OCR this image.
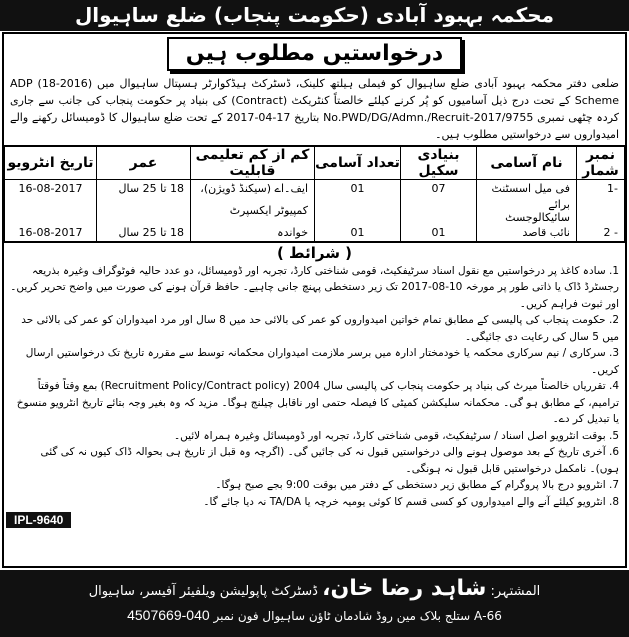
محکمہ بہبود آبادی (حکومت پنجاب) ضلع ساہیوال
درخواستیں مطلوب ہیں
ضلعی دفتر محکمہ بہبود آبادی ضلع ساہیوال کو فیملی ہیلتھ کلینک، ڈسٹرکٹ ہیڈکوارٹر ہسپتال ساہیوال میں (2016-18) ADP Scheme کے تحت درج ذیل آسامیوں کو پُر کرنے کیلئے خالصتاً کنٹریکٹ (Contract) کی بنیاد پر حکومت پنجاب کی جانب سے جاری کردہ چٹھی نمبری No.PWD/DG/Admn./Recruit-2017/9755 بتاریخ 17-04-2017 کے تحت ضلع ساہیوال کا ڈومیسائل رکھنے والے امیدواروں سے درخواستیں مطلوب ہیں۔
نمبر شمار	نام آسامی	بنیادی سکیل	تعداد آسامی	کم از کم تعلیمی قابلیت	عمر	تاریخ انٹرویو
-1	فی میل اسسٹنٹ	07	01	ایف۔اے (سیکنڈ ڈویژن)،	18 تا 25 سال	16-08-2017
	برائے سائیکالوجسٹ			کمپیوٹر ایکسپرٹ		
- 2	نائب قاصد	01	01	خواندہ	18 تا 25 سال	16-08-2017
( شرائط )

1. سادہ کاغذ پر درخواستیں مع نقول اسناد سرٹیفکیٹ، قومی شناختی کارڈ، تجربہ اور ڈومیسائل، دو عدد حالیہ فوٹوگراف وغیرہ بذریعہ رجسٹرڈ ڈاک یا ذاتی طور پر مورخہ 10-08-2017 تک زیر دستخطی پہنچ جانی چاہیے۔ حافظ قرآن ہونے کی صورت میں واضح تحریر کریں۔ اور ثبوت فراہم کریں۔

2. حکومت پنجاب کی پالیسی کے مطابق تمام خواتین امیدواروں کو عمر کی بالائی حد میں 8 سال اور مرد امیدواران کو عمر کی بالائی حد میں 5 سال کی رعایت دی جائیگی۔

3. سرکاری / نیم سرکاری محکمہ یا خودمختار ادارہ میں برسر ملازمت امیدواران محکمانہ توسط سے مقررہ تاریخ تک درخواستیں ارسال کریں۔

4. تقرریاں خالصتاً میرٹ کی بنیاد پر حکومت پنجاب کی پالیسی سال 2004 (Recruitment Policy/Contract policy) بمع وقتاً فوقتاً ترامیم، کے مطابق ہو گی۔ محکمانہ سلیکشن کمیٹی کا فیصلہ حتمی اور ناقابل چیلنج ہوگا۔ مزید کہ وہ بغیر وجہ بتائے تاریخ انٹرویو منسوخ یا تبدیل کر دے۔

5. بوقت انٹرویو اصل اسناد / سرٹیفکیٹ، قومی شناختی کارڈ، تجربہ اور ڈومیسائل وغیرہ ہمراہ لائیں۔

6. آخری تاریخ کے بعد موصول ہونے والی درخواستیں قبول نہ کی جائیں گی۔ (اگرچہ وہ قبل از تاریخ ہی بحوالہ ڈاک کیوں نہ کی گئی ہوں)۔ نامکمل درخواستیں قابل قبول نہ ہونگی۔

7. انٹرویو درج بالا پروگرام کے مطابق زیر دستخطی کے دفتر میں بوقت 9:00 بجے صبح ہوگا۔

8. انٹرویو کیلئے آنے والے امیدواروں کو کسی قسم کا کوئی یومیہ خرچہ یا TA/DA نہ دیا جائے گا۔

IPL-9640
المشتہر: شاہد رضا خان، ڈسٹرکٹ پاپولیشن ویلفیئر آفیسر، ساہیوال
66-A ستلج بلاک مین روڈ شادمان ٹاؤن ساہیوال فون نمبر 040-4507669
